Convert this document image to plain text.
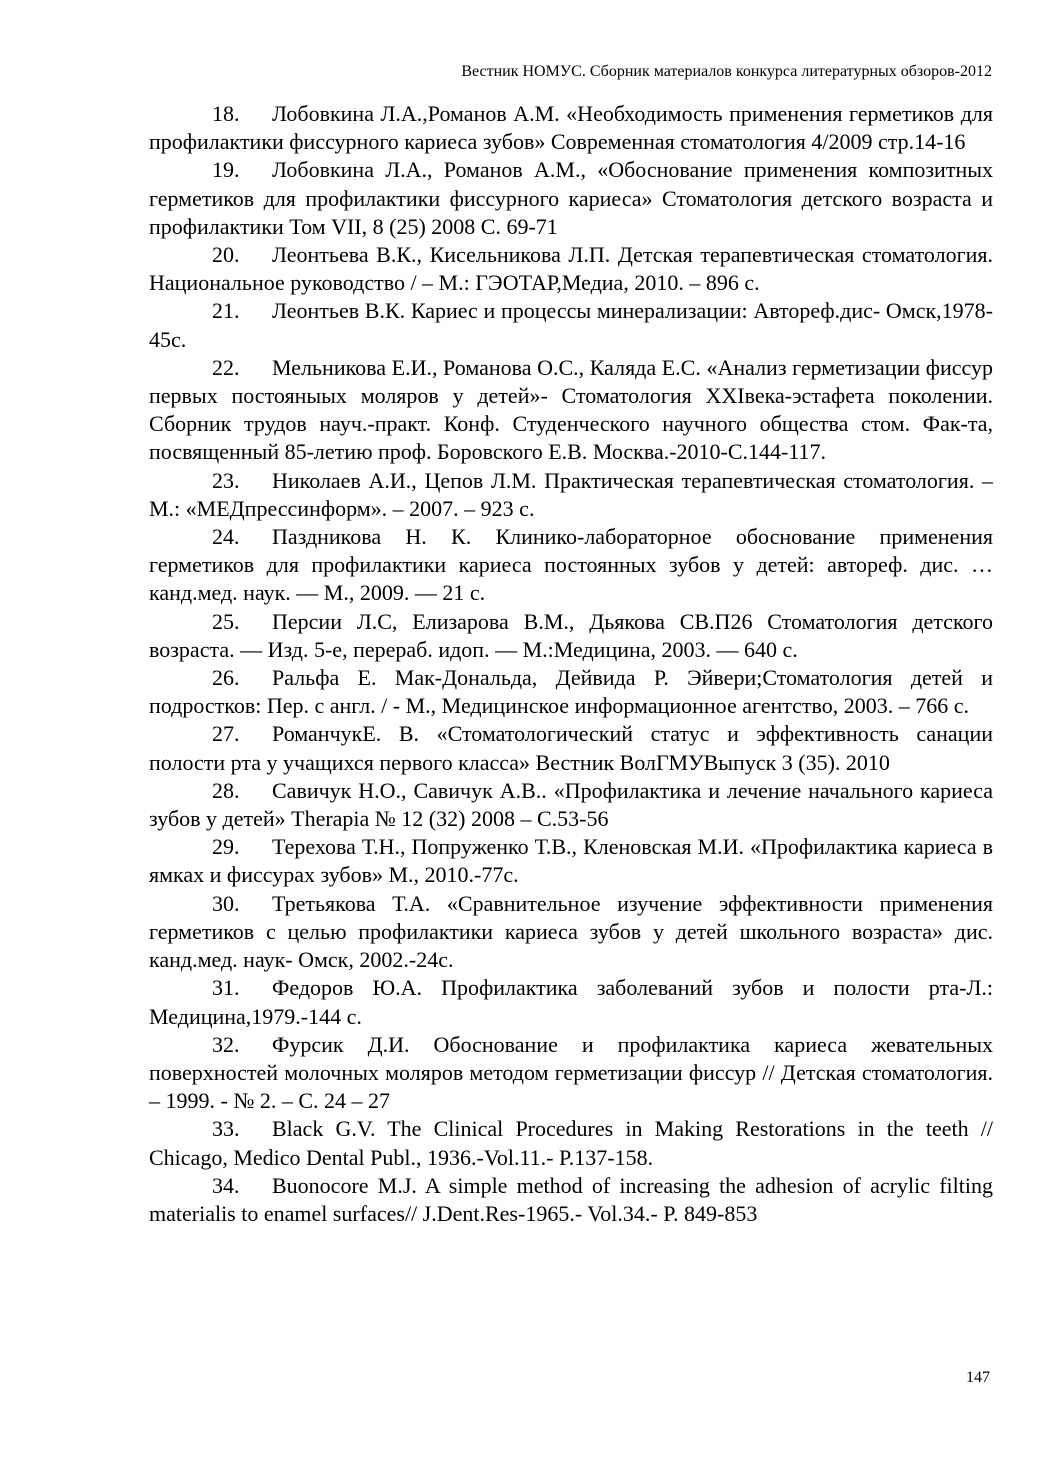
Вестник НОМУС. Сборник материалов конкурса литературных обзоров-2012

18. Лобовкина Л.А.,Романов А.М. «Необходимость применения герметиков для профилактики фиссурного кариеса зубов» Современная стоматология 4/2009 стр.14-16

19. Лобовкина Л.А., Романов А.М., «Обоснование применения композитных герметиков для профилактики фиссурного кариеса» Стоматология детского возраста и профилактики Том VII, 8 (25) 2008 С. 69-71

20. Леонтьева В.К., Кисельникова Л.П. Детская терапевтическая стоматология. Национальное руководство / – М.: ГЭОТАР,Медиа, 2010. – 896 с.

21. Леонтьев В.К. Кариес и процессы минерализации: Автореф.дис- Омск,1978-45с.

22. Мельникова Е.И., Романова О.С., Каляда Е.С. «Анализ герметизации фиссур первых постояныых моляров у детей»- Стоматология XXIвека-эстафета поколении. Сборник трудов науч.-практ. Конф. Студенческого научного общества стом. Фак-та, посвященный 85-летию проф. Боровского Е.В. Москва.-2010-С.144-117.

23. Николаев А.И., Цепов Л.М. Практическая терапевтическая стоматология. – М.: «МЕДпрессинформ». – 2007. – 923 с.

24. Паздникова Н. К. Клинико-лабораторное обоснование применения герметиков для профилактики кариеса постоянных зубов у детей: автореф. дис. … канд.мед. наук. — М., 2009. — 21 с.

25. Персии Л.С, Елизарова В.М., Дьякова СВ.П26 Стоматология детского возраста. — Изд. 5-е, перераб. идоп. — М.:Медицина, 2003. — 640 с.

26. Ральфа Е. Мак-Дональда, Дейвида Р. Эйвери;Стоматология детей и подростков: Пер. с англ. / - М., Медицинское информационное агентство, 2003. – 766 с.

27. РоманчукЕ. В. «Стоматологический статус и эффективность санации полости рта у учащихся первого класса» Вестник ВолГМУВыпуск 3 (35). 2010

28. Савичук Н.О., Савичук А.В.. «Профилактика и лечение начального кариеса зубов у детей» Therapia № 12 (32) 2008 – С.53-56

29. Терехова Т.Н., Попруженко Т.В., Кленовская М.И. «Профилактика кариеса в ямках и фиссурах зубов» М., 2010.-77с.

30. Третьякова Т.А. «Сравнительное изучение эффективности применения герметиков с целью профилактики кариеса зубов у детей школьного возраста» дис. канд.мед. наук- Омск, 2002.-24с.

31. Федоров Ю.А. Профилактика заболеваний зубов и полости рта-Л.: Медицина,1979.-144 с.

32. Фурсик Д.И. Обоснование и профилактика кариеса жевательных поверхностей молочных моляров методом герметизации фиссур // Детская стоматология. – 1999. - № 2. – С. 24 – 27

33. Black G.V. The Clinical Procedures in Making Restorations in the teeth // Chicago, Medico Dental Publ., 1936.-Vol.11.- P.137-158.

34. Buonocore M.J. A simple method of increasing the adhesion of acrylic filting materialis to enamel surfaces// J.Dent.Res-1965.- Vol.34.- P. 849-853

147
